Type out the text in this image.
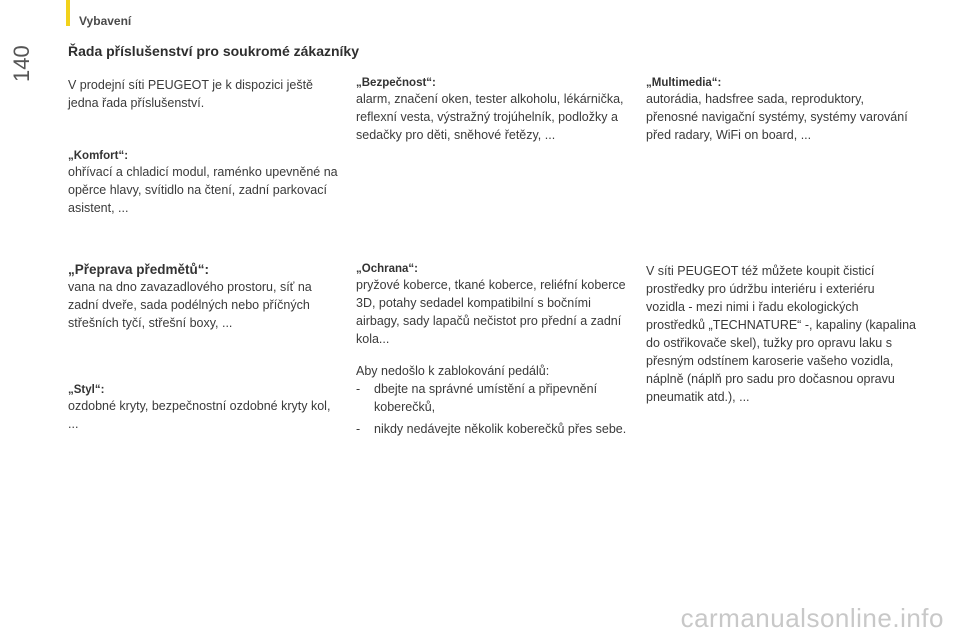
Vybavení
140 Řada příslušenství pro soukromé zákazníky

V prodejní síti PEUGEOT je k dispozici ještě jedna řada příslušenství.

„Komfort“:

ohřívací a chladicí modul, raménko upevněné na opěrce hlavy, svítidlo na čtení, zadní parkovací asistent, ...

„Přeprava předmětů“:

vana na dno zavazadlového prostoru, síť na zadní dveře, sada podélných nebo příčných střešních tyčí, střešní boxy, ...

„Styl“:

ozdobné kryty, bezpečnostní ozdobné kryty kol, ...

„Bezpečnost“:

alarm, značení oken, tester alkoholu, lékárnička, reflexní vesta, výstražný trojúhelník, podložky a sedačky pro děti, sněhové řetězy, ...

„Ochrana“:

pryžové koberce, tkané koberce, reliéfní koberce 3D, potahy sedadel kompatibilní s bočními airbagy, sady lapačů nečistot pro přední a zadní kola...

Aby nedošlo k zablokování pedálů:

- dbejte na správné umístění a připevnění koberečků,
- nikdy nedávejte několik koberečků přes sebe.

„Multimedia“:

autorádia, hadsfree sada, reproduktory, přenosné navigační systémy, systémy varování před radary, WiFi on board, ...

V síti PEUGEOT též můžete koupit čisticí prostředky pro údržbu interiéru i exteriéru vozidla - mezi nimi i řadu ekologických prostředků „TECHNATURE“ -, kapaliny (kapalina do ostřikovače skel), tužky pro opravu laku s přesným odstínem karoserie vašeho vozidla, náplně (náplň pro sadu pro dočasnou opravu pneumatik atd.), ...

carmanualsonline.info
